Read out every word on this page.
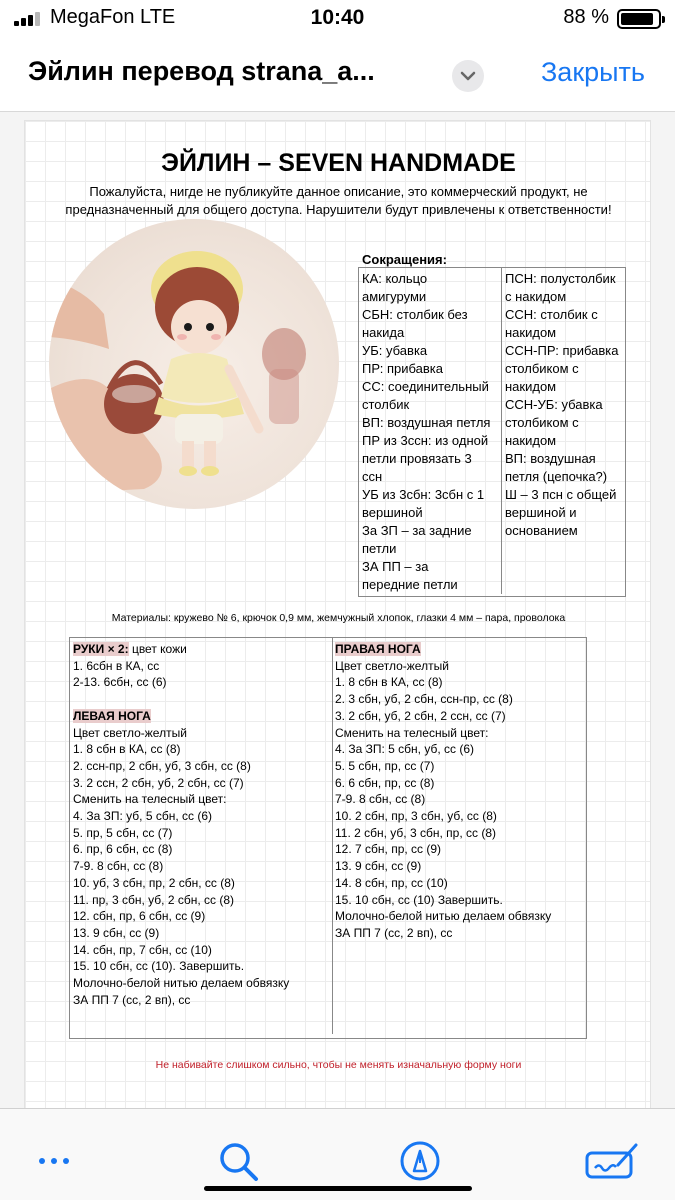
MegaFon LTE	10:40	88 %
Эйлин перевод strana_a...	Закрыть
ЭЙЛИН – SEVEN HANDMADE
Пожалуйста, нигде не публикуйте данное описание, это коммерческий продукт, не предназначенный для общего доступа. Нарушители будут привлечены к ответственности!
Сокращения:
КА: кольцо
амигуруми
СБН: столбик без
накида
УБ: убавка
ПР: прибавка
СС: соединительный
столбик
ВП: воздушная петля
ПР из 3сcн: из одной
петли провязать 3
ссн
УБ из 3сбн: 3сбн с 1
вершиной
За ЗП – за задние
петли
ЗА ПП – за
передние петли
ПСН: полустолбик
с накидом
ССН: столбик с
накидом
ССН-ПР: прибавка
столбиком с
накидом
ССН-УБ: убавка
столбиком с
накидом
ВП: воздушная
петля (цепочка?)
Ш – 3 псн с общей
вершиной и
основанием
Материалы: кружево № 6, крючок 0,9 мм, жемчужный хлопок, глазки 4 мм – пара, проволока
РУКИ × 2: цвет кожи
1. 6сбн в КА, сс
2-13. 6сбн, сс (6)
ЛЕВАЯ НОГА
Цвет светло-желтый
1. 8 сбн в КА, сс (8)
2. ссн-пр, 2 сбн, уб, 3 сбн, сс (8)
3. 2 ссн, 2 сбн, уб, 2 сбн, сс (7)
Сменить на телесный цвет:
4. За ЗП: уб, 5 сбн, сс (6)
5. пр, 5 сбн, сс (7)
6. пр, 6 сбн, сс (8)
7-9. 8 сбн, сс (8)
10. уб, 3 сбн, пр, 2 сбн, сс (8)
11. пр, 3 сбн, уб, 2 сбн, сс (8)
12. сбн, пр, 6 сбн, сс (9)
13. 9 сбн, сс (9)
14. сбн, пр, 7 сбн, сс (10)
15. 10 сбн, сс (10). Завершить.
Молочно-белой нитью делаем обвязку
ЗА ПП 7 (сс, 2 вп), сс
ПРАВАЯ НОГА
Цвет светло-желтый
1. 8 сбн в КА, сс (8)
2. 3 сбн, уб, 2 сбн, ссн-пр, сс (8)
3. 2 сбн, уб, 2 сбн, 2 ссн, сс (7)
Сменить на телесный цвет:
4. За ЗП: 5 сбн, уб, сс (6)
5. 5 сбн, пр, сс (7)
6. 6 сбн, пр, сс (8)
7-9. 8 сбн, сс (8)
10. 2 сбн, пр, 3 сбн, уб, сс (8)
11. 2 сбн, уб, 3 сбн, пр, сс (8)
12. 7 сбн, пр, сс (9)
13. 9 сбн, сс (9)
14. 8 сбн, пр, сс (10)
15. 10 сбн, сс (10) Завершить.
Молочно-белой нитью делаем обвязку
ЗА ПП 7 (сс, 2 вп), сс
Не набивайте слишком сильно, чтобы не менять изначальную форму ноги
